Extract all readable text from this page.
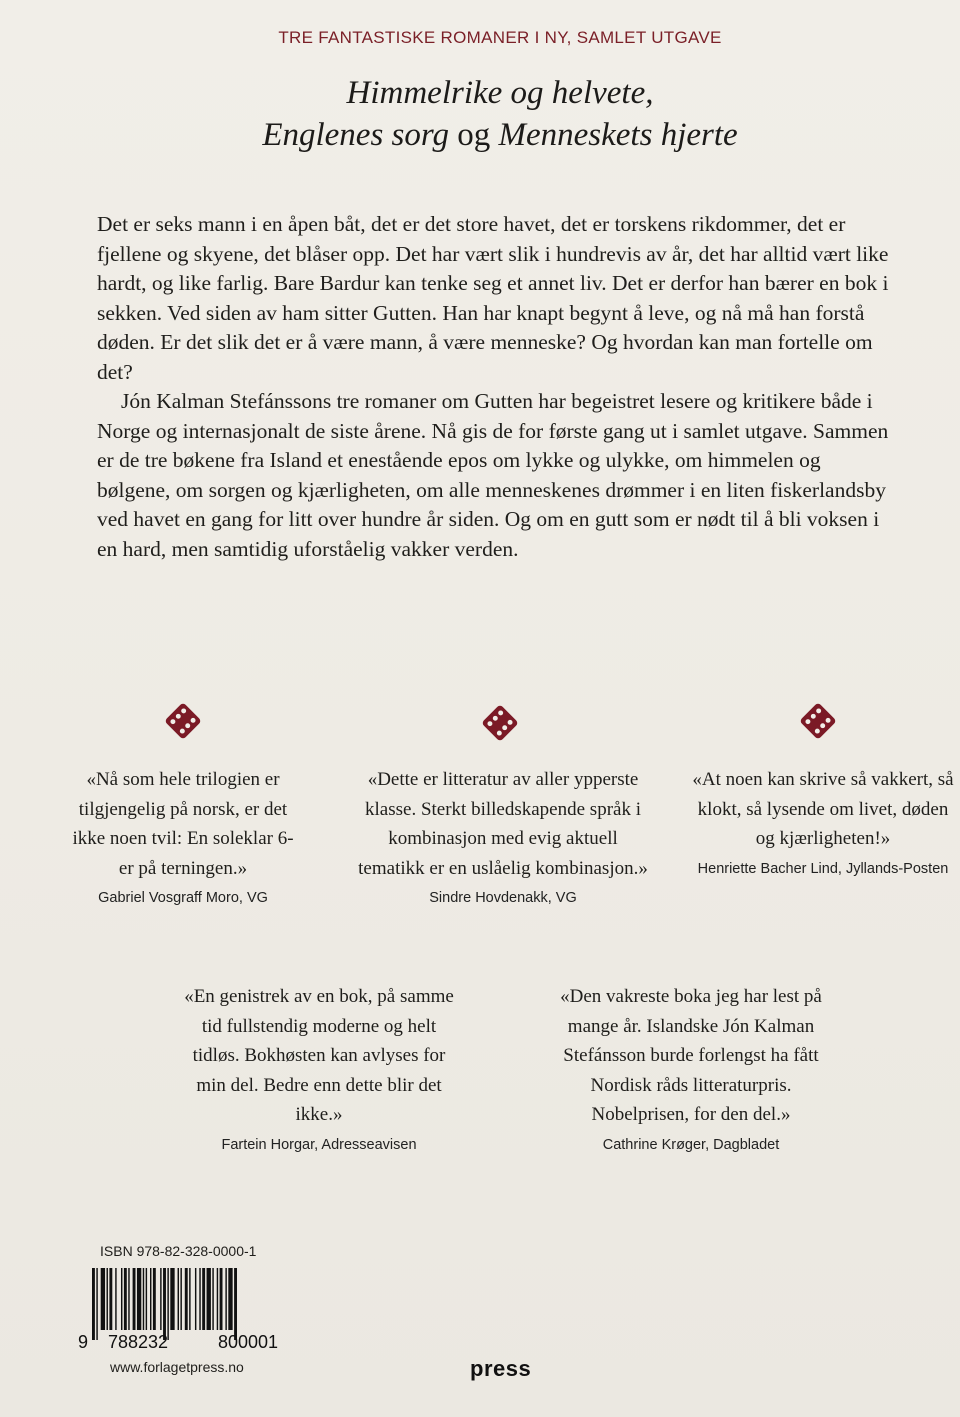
TRE FANTASTISKE ROMANER I NY, SAMLET UTGAVE
Himmelrike og helvete,
Englenes sorg og Menneskets hjerte

Det er seks mann i en åpen båt, det er det store havet, det er torskens rikdommer, det er fjellene og skyene, det blåser opp. Det har vært slik i hundrevis av år, det har alltid vært like hardt, og like farlig. Bare Bardur kan tenke seg et annet liv. Det er derfor han bærer en bok i sekken. Ved siden av ham sitter Gutten. Han har knapt begynt å leve, og nå må han forstå døden. Er det slik det er å være mann, å være menneske? Og hvordan kan man fortelle om det?

Jón Kalman Stefánssons tre romaner om Gutten har begeistret lesere og kritikere både i Norge og internasjonalt de siste årene. Nå gis de for første gang ut i samlet utgave. Sammen er de tre bøkene fra Island et enestående epos om lykke og ulykke, om himmelen og bølgene, om sorgen og kjærligheten, om alle menneskenes drømmer i en liten fiskerlandsby ved havet en gang for litt over hundre år siden. Og om en gutt som er nødt til å bli voksen i en hard, men samtidig uforståelig vakker verden.

«Nå som hele trilogien er tilgjengelig på norsk, er det ikke noen tvil: En soleklar 6-er på terningen.»
Gabriel Vosgraff Moro, VG
«Dette er litteratur av aller ypperste klasse. Sterkt billedskapende språk i kombinasjon med evig aktuell tematikk er en uslåelig kombinasjon.»
Sindre Hovdenakk, VG
«At noen kan skrive så vakkert, så klokt, så lysende om livet, døden og kjærligheten!»
Henriette Bacher Lind, Jyllands-Posten
«En genistrek av en bok, på samme tid fullstendig moderne og helt tidløs. Bokhøsten kan avlyses for min del. Bedre enn dette blir det ikke.»
Fartein Horgar, Adresseavisen
«Den vakreste boka jeg har lest på mange år. Islandske Jón Kalman Stefánsson burde forlengst ha fått Nordisk råds litteraturpris. Nobelprisen, for den del.»
Cathrine Krøger, Dagbladet
ISBN 978-82-328-0000-1
9 788232	800001
www.forlagetpress.no	press
